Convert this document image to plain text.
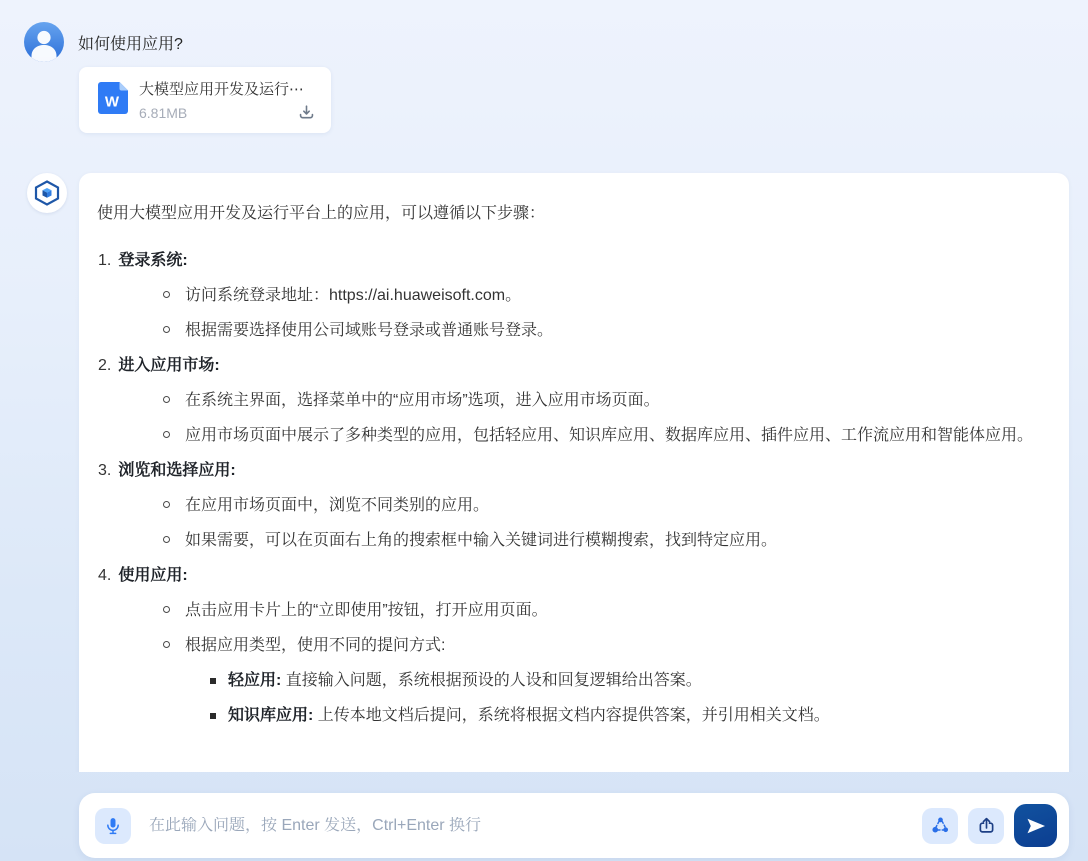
如何使用应用?
W
大模型应用开发及运行⋯
6.81MB
使用大模型应用开发及运行平台上的应用，可以遵循以下步骤：
1. 登录系统:
访问系统登录地址：https://ai.huaweisoft.com。
根据需要选择使用公司域账号登录或普通账号登录。
2. 进入应用市场:
在系统主界面，选择菜单中的“应用市场”选项，进入应用市场页面。
应用市场页面中展示了多种类型的应用，包括轻应用、知识库应用、数据库应用、插件应用、工作流应用和智能体应用。
3. 浏览和选择应用:
在应用市场页面中，浏览不同类别的应用。
如果需要，可以在页面右上角的搜索框中输入关键词进行模糊搜索，找到特定应用。
4. 使用应用:
点击应用卡片上的“立即使用”按钮，打开应用页面。
根据应用类型，使用不同的提问方式:
轻应用: 直接输入问题，系统根据预设的人设和回复逻辑给出答案。
知识库应用: 上传本地文档后提问，系统将根据文档内容提供答案，并引用相关文档。
在此输入问题，按 Enter 发送，Ctrl+Enter 换行
